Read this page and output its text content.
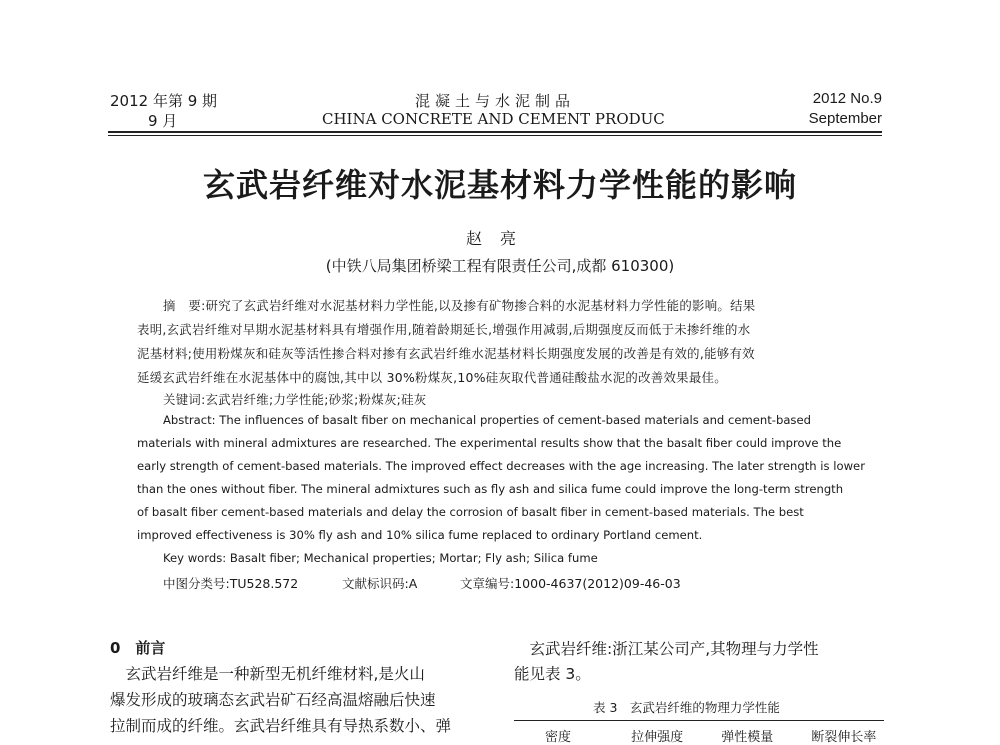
2012 年第 9 期
9 月
混凝土与水泥制品
CHINA CONCRETE AND CEMENT PRODUC
2012 No.9
September
玄武岩纤维对水泥基材料力学性能的影响
赵亮
(中铁八局集团桥梁工程有限责任公司,成都 610300)
摘　要:研究了玄武岩纤维对水泥基材料力学性能,以及掺有矿物掺合料的水泥基材料力学性能的影响。结果
表明,玄武岩纤维对早期水泥基材料具有增强作用,随着龄期延长,增强作用减弱,后期强度反而低于未掺纤维的水
泥基材料;使用粉煤灰和硅灰等活性掺合料对掺有玄武岩纤维水泥基材料长期强度发展的改善是有效的,能够有效
延缓玄武岩纤维在水泥基体中的腐蚀,其中以 30%粉煤灰,10%硅灰取代普通硅酸盐水泥的改善效果最佳。
关键词:玄武岩纤维;力学性能;砂浆;粉煤灰;硅灰
Abstract: The influences of basalt fiber on mechanical properties of cement-based materials and cement-based
materials with mineral admixtures are researched. The experimental results show that the basalt fiber could improve the
early strength of cement-based materials. The improved effect decreases with the age increasing. The later strength is lower
than the ones without fiber. The mineral admixtures such as fly ash and silica fume could improve the long-term strength
of basalt fiber cement-based materials and delay the corrosion of basalt fiber in cement-based materials. The best
improved effectiveness is 30% fly ash and 10% silica fume replaced to ordinary Portland cement.
Key words: Basalt fiber; Mechanical properties; Mortar; Fly ash; Silica fume
中图分类号:TU528.572	文献标识码:A	文章编号:1000-4637(2012)09-46-03
0　前言
　玄武岩纤维是一种新型无机纤维材料,是火山
爆发形成的玻璃态玄武岩矿石经高温熔融后快速
拉制而成的纤维。玄武岩纤维具有导热系数小、弹
　玄武岩纤维:浙江某公司产,其物理与力学性
能见表 3。
表 3　玄武岩纤维的物理力学性能
密度	拉伸强度	弹性模量	断裂伸长率
